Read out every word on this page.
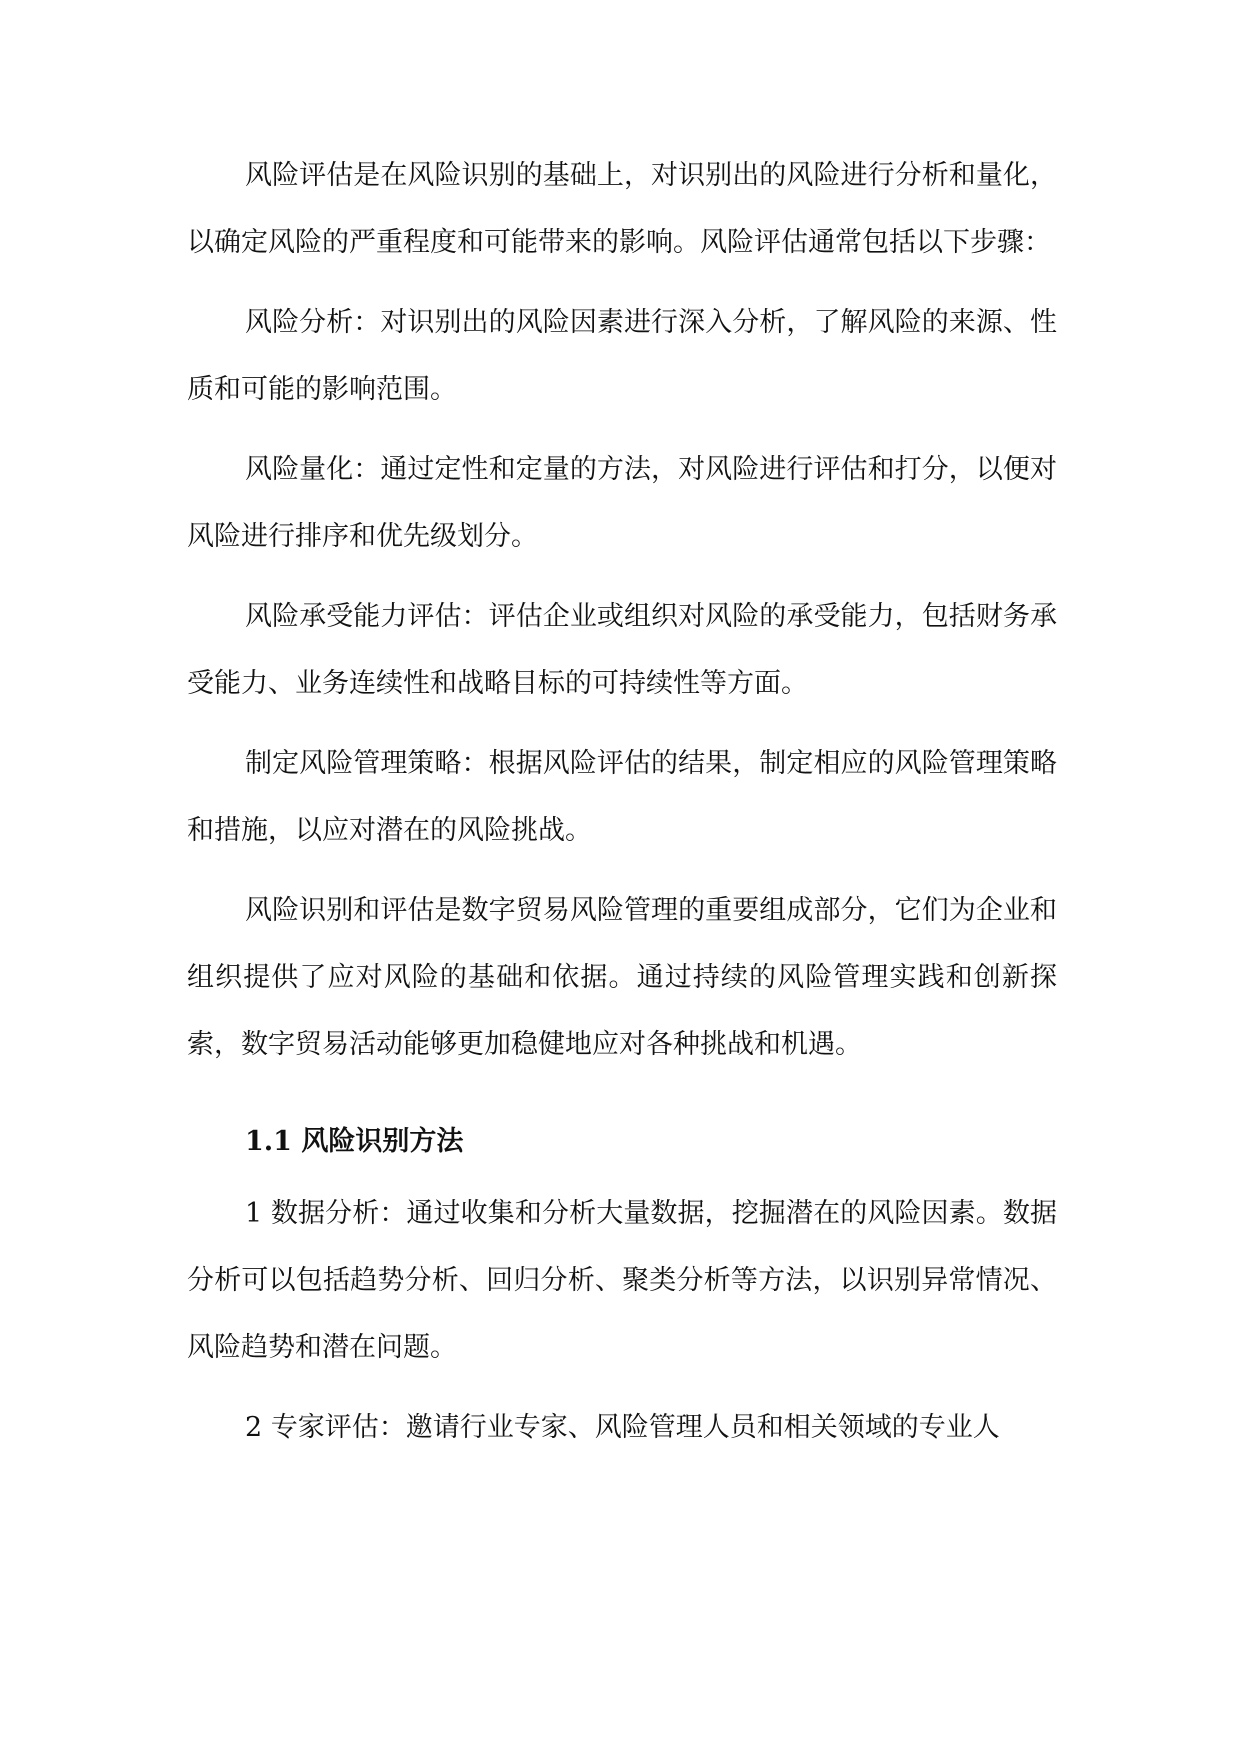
风险评估是在风险识别的基础上，对识别出的风险进行分析和量化，以确定风险的严重程度和可能带来的影响。风险评估通常包括以下步骤：

风险分析：对识别出的风险因素进行深入分析，了解风险的来源、性质和可能的影响范围。

风险量化：通过定性和定量的方法，对风险进行评估和打分，以便对风险进行排序和优先级划分。

风险承受能力评估：评估企业或组织对风险的承受能力，包括财务承受能力、业务连续性和战略目标的可持续性等方面。

制定风险管理策略：根据风险评估的结果，制定相应的风险管理策略和措施，以应对潜在的风险挑战。

风险识别和评估是数字贸易风险管理的重要组成部分，它们为企业和组织提供了应对风险的基础和依据。通过持续的风险管理实践和创新探索，数字贸易活动能够更加稳健地应对各种挑战和机遇。

1.1 风险识别方法

1 数据分析：通过收集和分析大量数据，挖掘潜在的风险因素。数据分析可以包括趋势分析、回归分析、聚类分析等方法，以识别异常情况、风险趋势和潜在问题。

2 专家评估：邀请行业专家、风险管理人员和相关领域的专业人
